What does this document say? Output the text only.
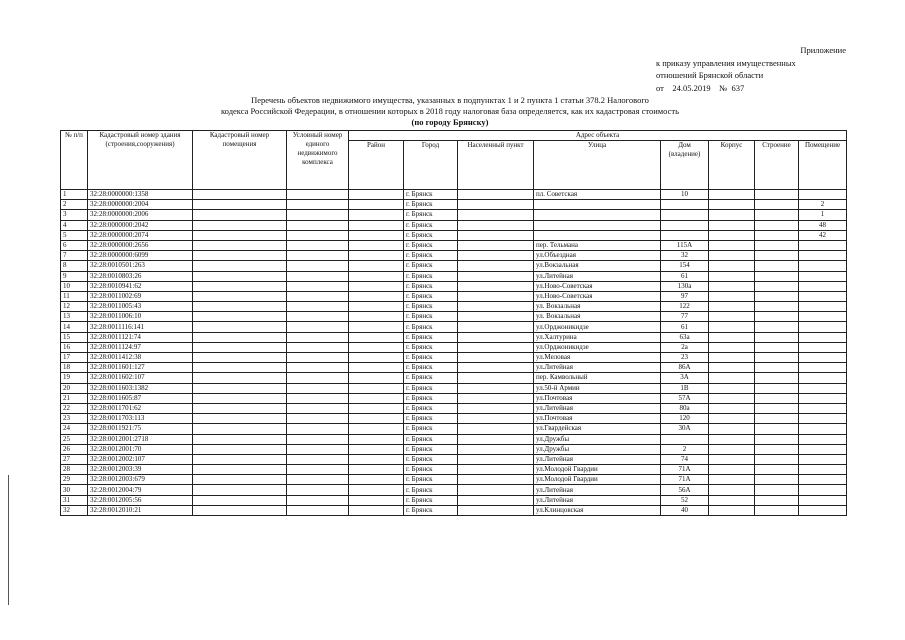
Приложение
к приказу управления имущественных
отношений Брянской области
от 24.05.2019 № 637
Перечень объектов недвижимого имущества, указанных в подпунктах 1 и 2 пункта 1 статьи 378.2 Налогового
кодекса Российской Федерации, в отношении которых в 2018 году налоговая база определяется, как их кадастровая стоимость
(по городу Брянску)
№ п/п	Кадастровый номер здания (строения,сооружения)	Кадастровый номер помещения	Условный номер единого недвижимого комплекса	Адрес объекта							
				Район	Город	Населенный пункт	Улица	Дом (владение)	Корпус	Строение	Помещение
1	32:28:0000000:1358				г. Брянск		пл. Советская	10			
2	32:28:0000000:2004				г. Брянск						2
3	32:28:0000000:2006				г. Брянск						1
4	32:28:0000000:2042				г. Брянск						48
5	32:28:0000000:2074				г. Брянск						42
6	32:28:0000000:2656				г. Брянск		пер. Тельмана	115А			
7	32:28:0000000:6099				г. Брянск		ул.Объездная	32			
8	32:28:0010501:263				г. Брянск		ул.Вокзальная	154			
9	32:28:0010803:26				г. Брянск		ул.Литейная	61			
10	32:28:0010941:62				г. Брянск		ул.Ново-Советская	130а			
11	32:28:0011002:69				г. Брянск		ул.Ново-Советская	97			
12	32:28:0011005:43				г. Брянск		ул. Вокзальная	122			
13	32:28:0011006:10				г. Брянск		ул. Вокзальная	77			
14	32:28:0011116:141				г. Брянск		ул.Орджоникидзе	61			
15	32:28:0011121:74				г. Брянск		ул.Халтурина	63а			
16	32:28:0011124:97				г. Брянск		ул.Орджоникидзе	2а			
17	32:28:0011412:38				г. Брянск		ул.Меловая	23			
18	32:28:0011601:127				г. Брянск		ул.Литейная	86А			
19	32:28:0011602:107				г. Брянск		пер. Камвольный	3А			
20	32:28:0011603:1382				г. Брянск		ул.50-й Армии	1В			
21	32:28:0011605:87				г. Брянск		ул.Почтовая	57А			
22	32:28:0011701:62				г. Брянск		ул.Литейная	80а			
23	32:28:0011703:113				г. Брянск		ул.Почтовая	120			
24	32:28:0011921:75				г. Брянск		ул.Гвардейская	30А			
25	32:28:0012001:2718				г. Брянск		ул.Дружбы				
26	32:28:0012001:70				г. Брянск		ул.Дружбы	2			
27	32:28:0012002:107				г. Брянск		ул.Литейная	74			
28	32:28:0012003:39				г. Брянск		ул.Молодой Гвардии	71А			
29	32:28:0012003:679				г. Брянск		ул.Молодой Гвардии	71А			
30	32:28:0012004:79				г. Брянск		ул.Литейная	56А			
31	32:28:0012005:56				г. Брянск		ул.Литейная	52			
32	32:28:0012010:21				г. Брянск		ул.Клинцовская	40			
